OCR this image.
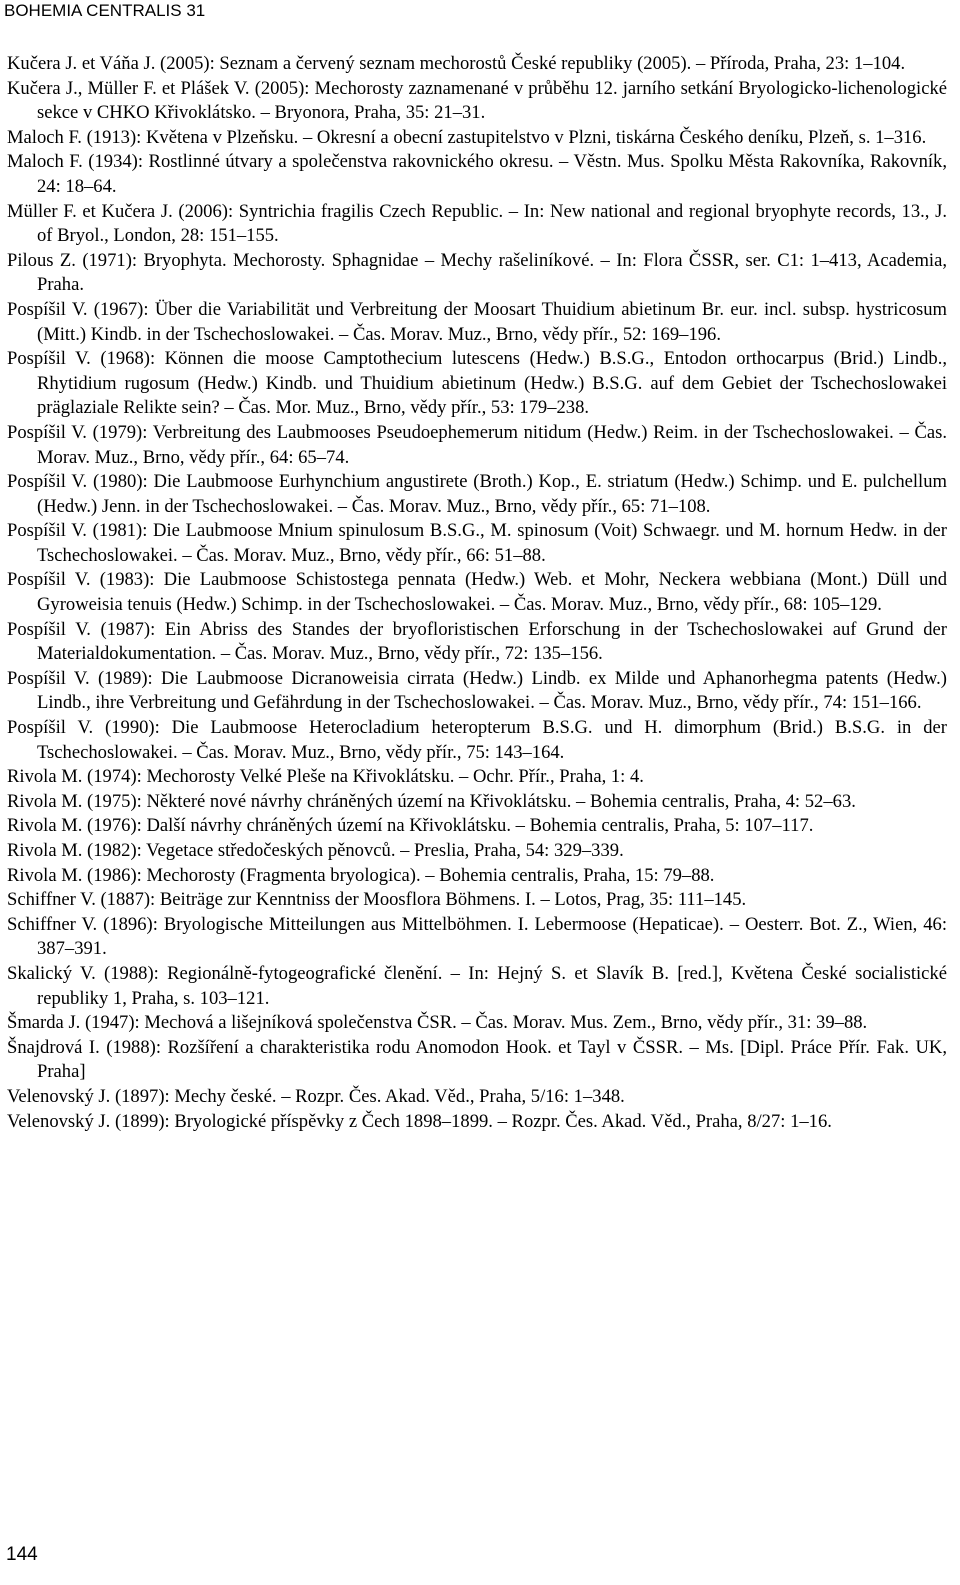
BOHEMIA CENTRALIS 31
Kučera J. et Váňa J. (2005): Seznam a červený seznam mechorostů České republiky (2005). – Příroda, Praha, 23: 1–104.
Kučera J., Müller F. et Plášek V. (2005): Mechorosty zaznamenané v průběhu 12. jarního setkání Bryologicko-lichenologické sekce v CHKO Křivoklátsko. – Bryonora, Praha, 35: 21–31.
Maloch F. (1913): Květena v Plzeňsku. – Okresní a obecní zastupitelstvo v Plzni, tiskárna Českého deníku, Plzeň, s. 1–316.
Maloch F. (1934): Rostlinné útvary a společenstva rakovnického okresu. – Věstn. Mus. Spolku Města Rakovníka, Rakovník, 24: 18–64.
Müller F. et Kučera J. (2006): Syntrichia fragilis Czech Republic. – In: New national and regional bryophyte records, 13., J. of Bryol., London, 28: 151–155.
Pilous Z. (1971): Bryophyta. Mechorosty. Sphagnidae – Mechy rašeliníkové. – In: Flora ČSSR, ser. C1: 1–413, Academia, Praha.
Pospíšil V. (1967): Über die Variabilität und Verbreitung der Moosart Thuidium abietinum Br. eur. incl. subsp. hystricosum (Mitt.) Kindb. in der Tschechoslowakei. – Čas. Morav. Muz., Brno, vědy přír., 52: 169–196.
Pospíšil V. (1968): Können die moose Camptothecium lutescens (Hedw.) B.S.G., Entodon orthocarpus (Brid.) Lindb., Rhytidium rugosum (Hedw.) Kindb. und Thuidium abietinum (Hedw.) B.S.G. auf dem Gebiet der Tschechoslowakei präglaziale Relikte sein? – Čas. Mor. Muz., Brno, vědy přír., 53: 179–238.
Pospíšil V. (1979): Verbreitung des Laubmooses Pseudoephemerum nitidum (Hedw.) Reim. in der Tschechoslowakei. – Čas. Morav. Muz., Brno, vědy přír., 64: 65–74.
Pospíšil V. (1980): Die Laubmoose Eurhynchium angustirete (Broth.) Kop., E. striatum (Hedw.) Schimp. und E. pulchellum (Hedw.) Jenn. in der Tschechoslowakei. – Čas. Morav. Muz., Brno, vědy přír., 65: 71–108.
Pospíšil V. (1981): Die Laubmoose Mnium spinulosum B.S.G., M. spinosum (Voit) Schwaegr. und M. hornum Hedw. in der Tschechoslowakei. – Čas. Morav. Muz., Brno, vědy přír., 66: 51–88.
Pospíšil V. (1983): Die Laubmoose Schistostega pennata (Hedw.) Web. et Mohr, Neckera webbiana (Mont.) Düll und Gyroweisia tenuis (Hedw.) Schimp. in der Tschechoslowakei. – Čas. Morav. Muz., Brno, vědy přír., 68: 105–129.
Pospíšil V. (1987): Ein Abriss des Standes der bryofloristischen Erforschung in der Tschechoslowakei auf Grund der Materialdokumentation. – Čas. Morav. Muz., Brno, vědy přír., 72: 135–156.
Pospíšil V. (1989): Die Laubmoose Dicranoweisia cirrata (Hedw.) Lindb. ex Milde und Aphanorhegma patents (Hedw.) Lindb., ihre Verbreitung und Gefährdung in der Tschechoslowakei. – Čas. Morav. Muz., Brno, vědy přír., 74: 151–166.
Pospíšil V. (1990): Die Laubmoose Heterocladium heteropterum B.S.G. und H. dimorphum (Brid.) B.S.G. in der Tschechoslowakei. – Čas. Morav. Muz., Brno, vědy přír., 75: 143–164.
Rivola M. (1974): Mechorosty Velké Pleše na Křivoklátsku. – Ochr. Přír., Praha, 1: 4.
Rivola M. (1975): Některé nové návrhy chráněných území na Křivoklátsku. – Bohemia centralis, Praha, 4: 52–63.
Rivola M. (1976): Další návrhy chráněných území na Křivoklátsku. – Bohemia centralis, Praha, 5: 107–117.
Rivola M. (1982): Vegetace středočeských pěnovců. – Preslia, Praha, 54: 329–339.
Rivola M. (1986): Mechorosty (Fragmenta bryologica). – Bohemia centralis, Praha, 15: 79–88.
Schiffner V. (1887): Beiträge zur Kenntniss der Moosflora Böhmens. I. – Lotos, Prag, 35: 111–145.
Schiffner V. (1896): Bryologische Mitteilungen aus Mittelböhmen. I. Lebermoose (Hepaticae). – Oesterr. Bot. Z., Wien, 46: 387–391.
Skalický V. (1988): Regionálně-fytogeografické členění. – In: Hejný S. et Slavík B. [red.], Květena České socialistické republiky 1, Praha, s. 103–121.
Šmarda J. (1947): Mechová a lišejníková společenstva ČSR. – Čas. Morav. Mus. Zem., Brno, vědy přír., 31: 39–88.
Šnajdrová I. (1988): Rozšíření a charakteristika rodu Anomodon Hook. et Tayl v ČSSR. – Ms. [Dipl. Práce Přír. Fak. UK, Praha]
Velenovský J. (1897): Mechy české. – Rozpr. Čes. Akad. Věd., Praha, 5/16: 1–348.
Velenovský J. (1899): Bryologické příspěvky z Čech 1898–1899. – Rozpr. Čes. Akad. Věd., Praha, 8/27: 1–16.
144
